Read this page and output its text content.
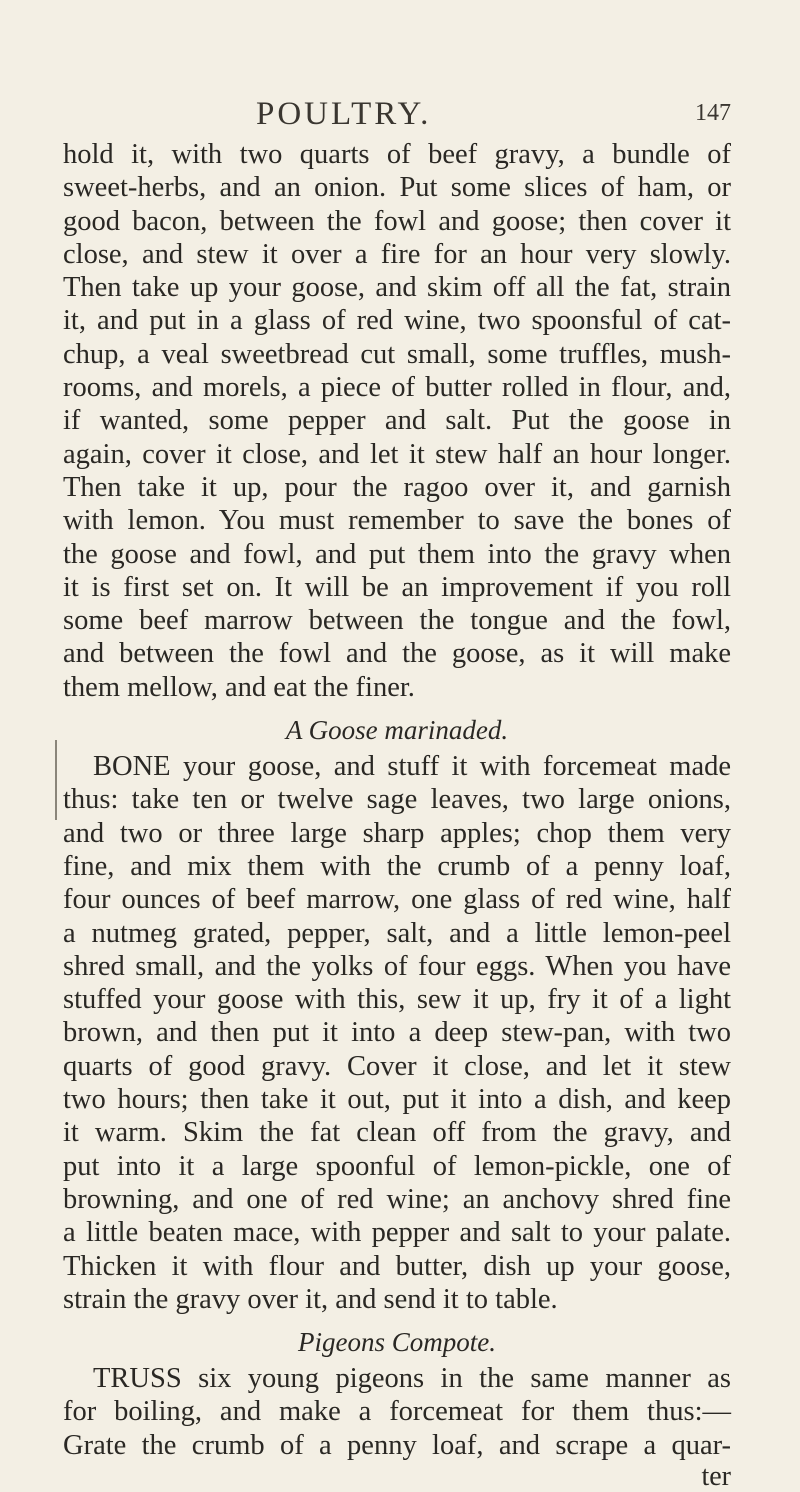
POULTRY.	147
hold it, with two quarts of beef gravy, a bundle of
sweet-herbs, and an onion. Put some slices of ham, or
good bacon, between the fowl and goose; then cover it
close, and stew it over a fire for an hour very slowly.
Then take up your goose, and skim off all the fat, strain
it, and put in a glass of red wine, two spoonsful of cat-
chup, a veal sweetbread cut small, some truffles, mush-
rooms, and morels, a piece of butter rolled in flour, and,
if wanted, some pepper and salt. Put the goose in
again, cover it close, and let it stew half an hour longer.
Then take it up, pour the ragoo over it, and garnish
with lemon. You must remember to save the bones of
the goose and fowl, and put them into the gravy when
it is first set on. It will be an improvement if you roll
some beef marrow between the tongue and the fowl,
and between the fowl and the goose, as it will make
them mellow, and eat the finer.
A Goose marinaded.
BONE your goose, and stuff it with forcemeat made
thus: take ten or twelve sage leaves, two large onions,
and two or three large sharp apples; chop them very
fine, and mix them with the crumb of a penny loaf,
four ounces of beef marrow, one glass of red wine, half
a nutmeg grated, pepper, salt, and a little lemon-peel
shred small, and the yolks of four eggs. When you have
stuffed your goose with this, sew it up, fry it of a light
brown, and then put it into a deep stew-pan, with two
quarts of good gravy. Cover it close, and let it stew
two hours; then take it out, put it into a dish, and keep
it warm. Skim the fat clean off from the gravy, and
put into it a large spoonful of lemon-pickle, one of
browning, and one of red wine; an anchovy shred fine
a little beaten mace, with pepper and salt to your palate.
Thicken it with flour and butter, dish up your goose,
strain the gravy over it, and send it to table.
Pigeons Compote.
TRUSS six young pigeons in the same manner as
for boiling, and make a forcemeat for them thus:—
Grate the crumb of a penny loaf, and scrape a quar-
ter
